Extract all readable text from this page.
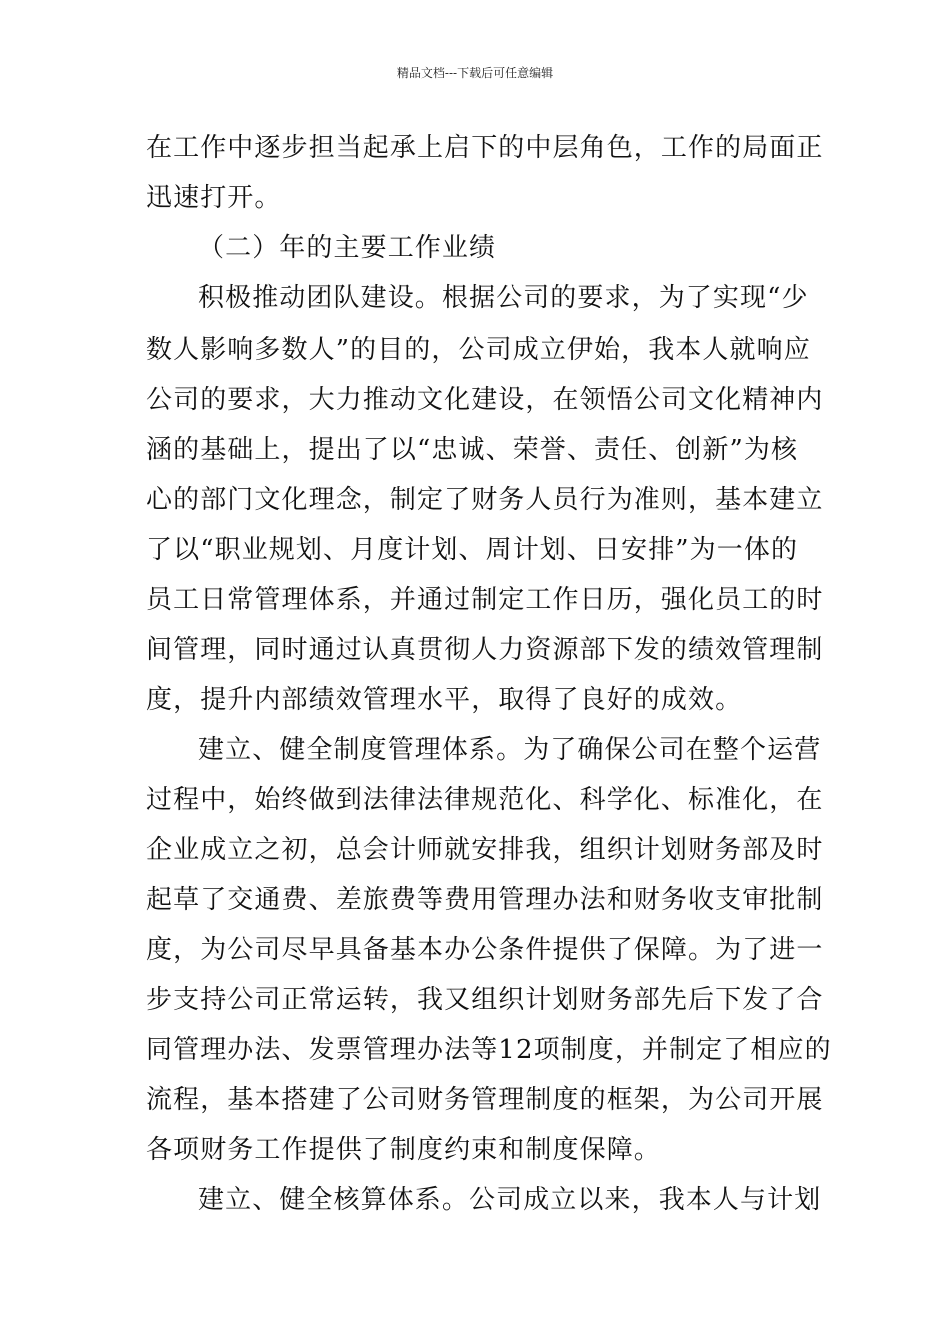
精品文档---下载后可任意编辑
在工作中逐步担当起承上启下的中层角色，工作的局面正
迅速打开。
（二）年的主要工作业绩
积极推动团队建设。根据公司的要求，为了实现“少
数人影响多数人”的目的，公司成立伊始，我本人就响应
公司的要求，大力推动文化建设，在领悟公司文化精神内
涵的基础上，提出了以“忠诚、荣誉、责任、创新”为核
心的部门文化理念，制定了财务人员行为准则，基本建立
了以“职业规划、月度计划、周计划、日安排”为一体的
员工日常管理体系，并通过制定工作日历，强化员工的时
间管理，同时通过认真贯彻人力资源部下发的绩效管理制
度，提升内部绩效管理水平，取得了良好的成效。
建立、健全制度管理体系。为了确保公司在整个运营
过程中，始终做到法律法律规范化、科学化、标准化，在
企业成立之初，总会计师就安排我，组织计划财务部及时
起草了交通费、差旅费等费用管理办法和财务收支审批制
度，为公司尽早具备基本办公条件提供了保障。为了进一
步支持公司正常运转，我又组织计划财务部先后下发了合
同管理办法、发票管理办法等12项制度，并制定了相应的
流程，基本搭建了公司财务管理制度的框架，为公司开展
各项财务工作提供了制度约束和制度保障。
建立、健全核算体系。公司成立以来，我本人与计划
